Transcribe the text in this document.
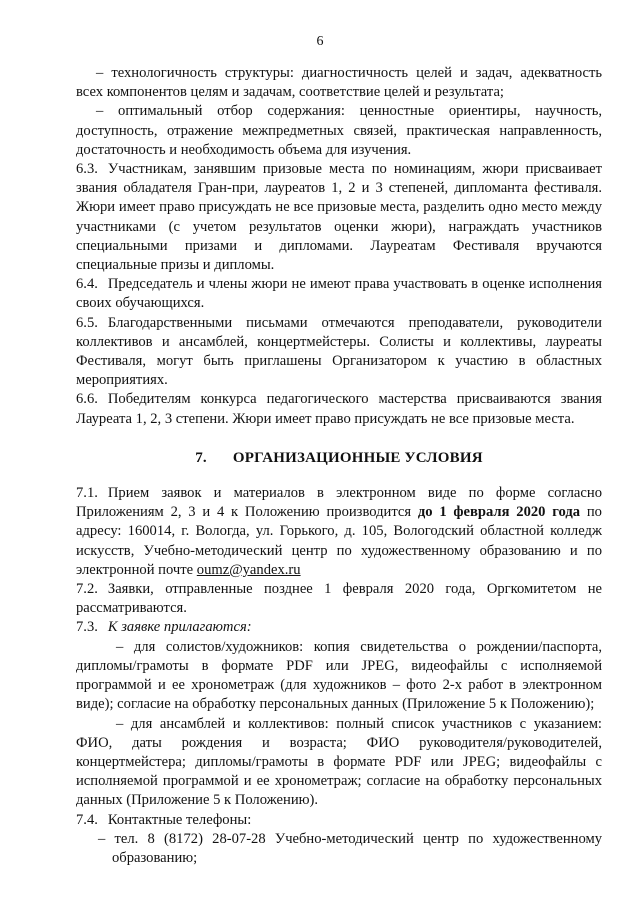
6

– технологичность структуры: диагностичность целей и задач, адекватность всех компонентов целям и задачам, соответствие целей и результата;

– оптимальный отбор содержания: ценностные ориентиры, научность, доступность, отражение межпредметных связей, практическая направленность, достаточность и необходимость объема для изучения.

6.3. Участникам, занявшим призовые места по номинациям, жюри присваивает звания обладателя Гран-при, лауреатов 1, 2 и 3 степеней, дипломанта фестиваля. Жюри имеет право присуждать не все призовые места, разделить одно место между участниками (с учетом результатов оценки жюри), награждать участников специальными призами и дипломами. Лауреатам Фестиваля вручаются специальные призы и дипломы.

6.4. Председатель и члены жюри не имеют права участвовать в оценке исполнения своих обучающихся.

6.5. Благодарственными письмами отмечаются преподаватели, руководители коллективов и ансамблей, концертмейстеры. Солисты и коллективы, лауреаты Фестиваля, могут быть приглашены Организатором к участию в областных мероприятиях.

6.6. Победителям конкурса педагогического мастерства присваиваются звания Лауреата 1, 2, 3 степени. Жюри имеет право присуждать не все призовые места.

7. ОРГАНИЗАЦИОННЫЕ УСЛОВИЯ

7.1. Прием заявок и материалов в электронном виде по форме согласно Приложениям 2, 3 и 4 к Положению производится до 1 февраля 2020 года по адресу: 160014, г. Вологда, ул. Горького, д. 105, Вологодский областной колледж искусств, Учебно-методический центр по художественному образованию и по электронной почте oumz@yandex.ru

7.2. Заявки, отправленные позднее 1 февраля 2020 года, Оргкомитетом не рассматриваются.

7.3. К заявке прилагаются:

– для солистов/художников: копия свидетельства о рождении/паспорта, дипломы/грамоты в формате PDF или JPEG, видеофайлы с исполняемой программой и ее хронометраж (для художников – фото 2-х работ в электронном виде); согласие на обработку персональных данных (Приложение 5 к Положению);

– для ансамблей и коллективов: полный список участников с указанием: ФИО, даты рождения и возраста; ФИО руководителя/руководителей, концертмейстера; дипломы/грамоты в формате PDF или JPEG; видеофайлы с исполняемой программой и ее хронометраж; согласие на обработку персональных данных (Приложение 5 к Положению).

7.4. Контактные телефоны:

– тел. 8 (8172) 28-07-28 Учебно-методический центр по художественному образованию;
